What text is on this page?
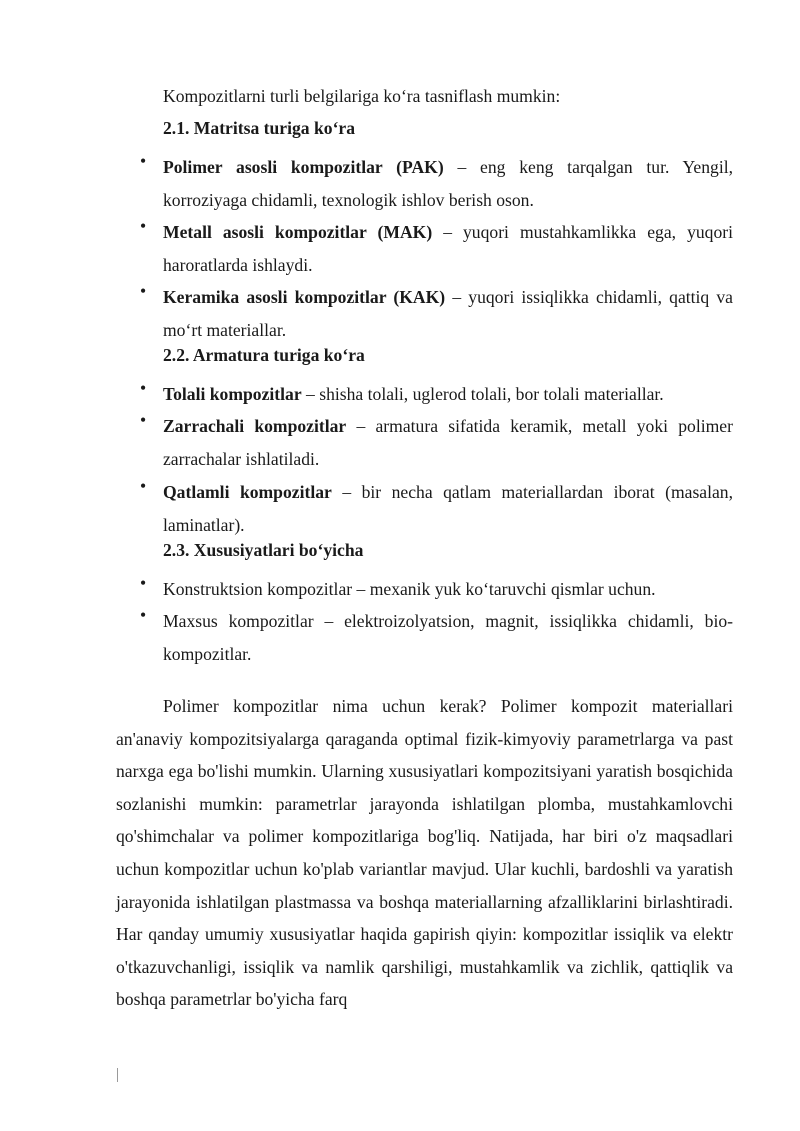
Kompozitlarni turli belgilariga koʻra tasniflash mumkin:
2.1. Matritsa turiga koʻra
• Polimer asosli kompozitlar (PAK) – eng keng tarqalgan tur. Yengil, korroziyaga chidamli, texnologik ishlov berish oson.

• Metall asosli kompozitlar (MAK) – yuqori mustahkamlikka ega, yuqori haroratlarda ishlaydi.

• Keramika asosli kompozitlar (KAK) – yuqori issiqlikka chidamli, qattiq va moʻrt materiallar.

2.2. Armatura turiga koʻra
• Tolali kompozitlar – shisha tolali, uglerod tolali, bor tolali materiallar.

• Zarrachali kompozitlar – armatura sifatida keramik, metall yoki polimer zarrachalar ishlatiladi.

• Qatlamli kompozitlar – bir necha qatlam materiallardan iborat (masalan, laminatlar).

2.3. Xususiyatlari boʻyicha
• Konstruktsion kompozitlar – mexanik yuk koʻtaruvchi qismlar uchun.

• Maxsus kompozitlar – elektroizolyatsion, magnit, issiqlikka chidamli, bio-kompozitlar.

Polimer kompozitlar nima uchun kerak? Polimer kompozit materiallari an'anaviy kompozitsiyalarga qaraganda optimal fizik-kimyoviy parametrlarga va past narxga ega bo'lishi mumkin. Ularning xususiyatlari kompozitsiyani yaratish bosqichida sozlanishi mumkin: parametrlar jarayonda ishlatilgan plomba, mustahkamlovchi qo'shimchalar va polimer kompozitlariga bog'liq. Natijada, har biri o'z maqsadlari uchun kompozitlar uchun ko'plab variantlar mavjud. Ular kuchli, bardoshli va yaratish jarayonida ishlatilgan plastmassa va boshqa materiallarning afzalliklarini birlashtiradi. Har qanday umumiy xususiyatlar haqida gapirish qiyin: kompozitlar issiqlik va elektr o'tkazuvchanligi, issiqlik va namlik qarshiligi, mustahkamlik va zichlik, qattiqlik va boshqa parametrlar bo'yicha farq
